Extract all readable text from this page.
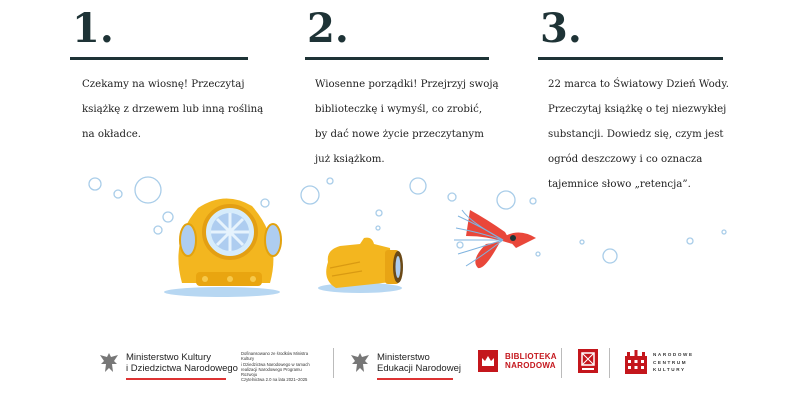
1.
Czekamy na wiosnę! Przeczytaj
książkę z drzewem lub inną rośliną
na okładce.
2.
Wiosenne porządki! Przejrzyj swoją
biblioteczkę i wymyśl, co zrobić,
by dać nowe życie przeczytanym
już książkom.
3.
22 marca to Światowy Dzień Wody.
Przeczytaj książkę o tej niezwykłej
substancji. Dowiedz się, czym jest
ogród deszczowy i co oznacza
tajemnice słowo „retencja”.
Ministerstwo Kultury
i Dziedzictwa Narodowego
Dofinansowano ze środków Ministra Kultury
i Dziedzictwa Narodowego w ramach
realizacji Narodowego Programu Rozwoju
Czytelnictwa 2.0 na lata 2021–2025
Ministerstwo
Edukacji Narodowej
BIBLIOTEKA
NARODOWA
NARODOWE
CENTRUM
KULTURY
